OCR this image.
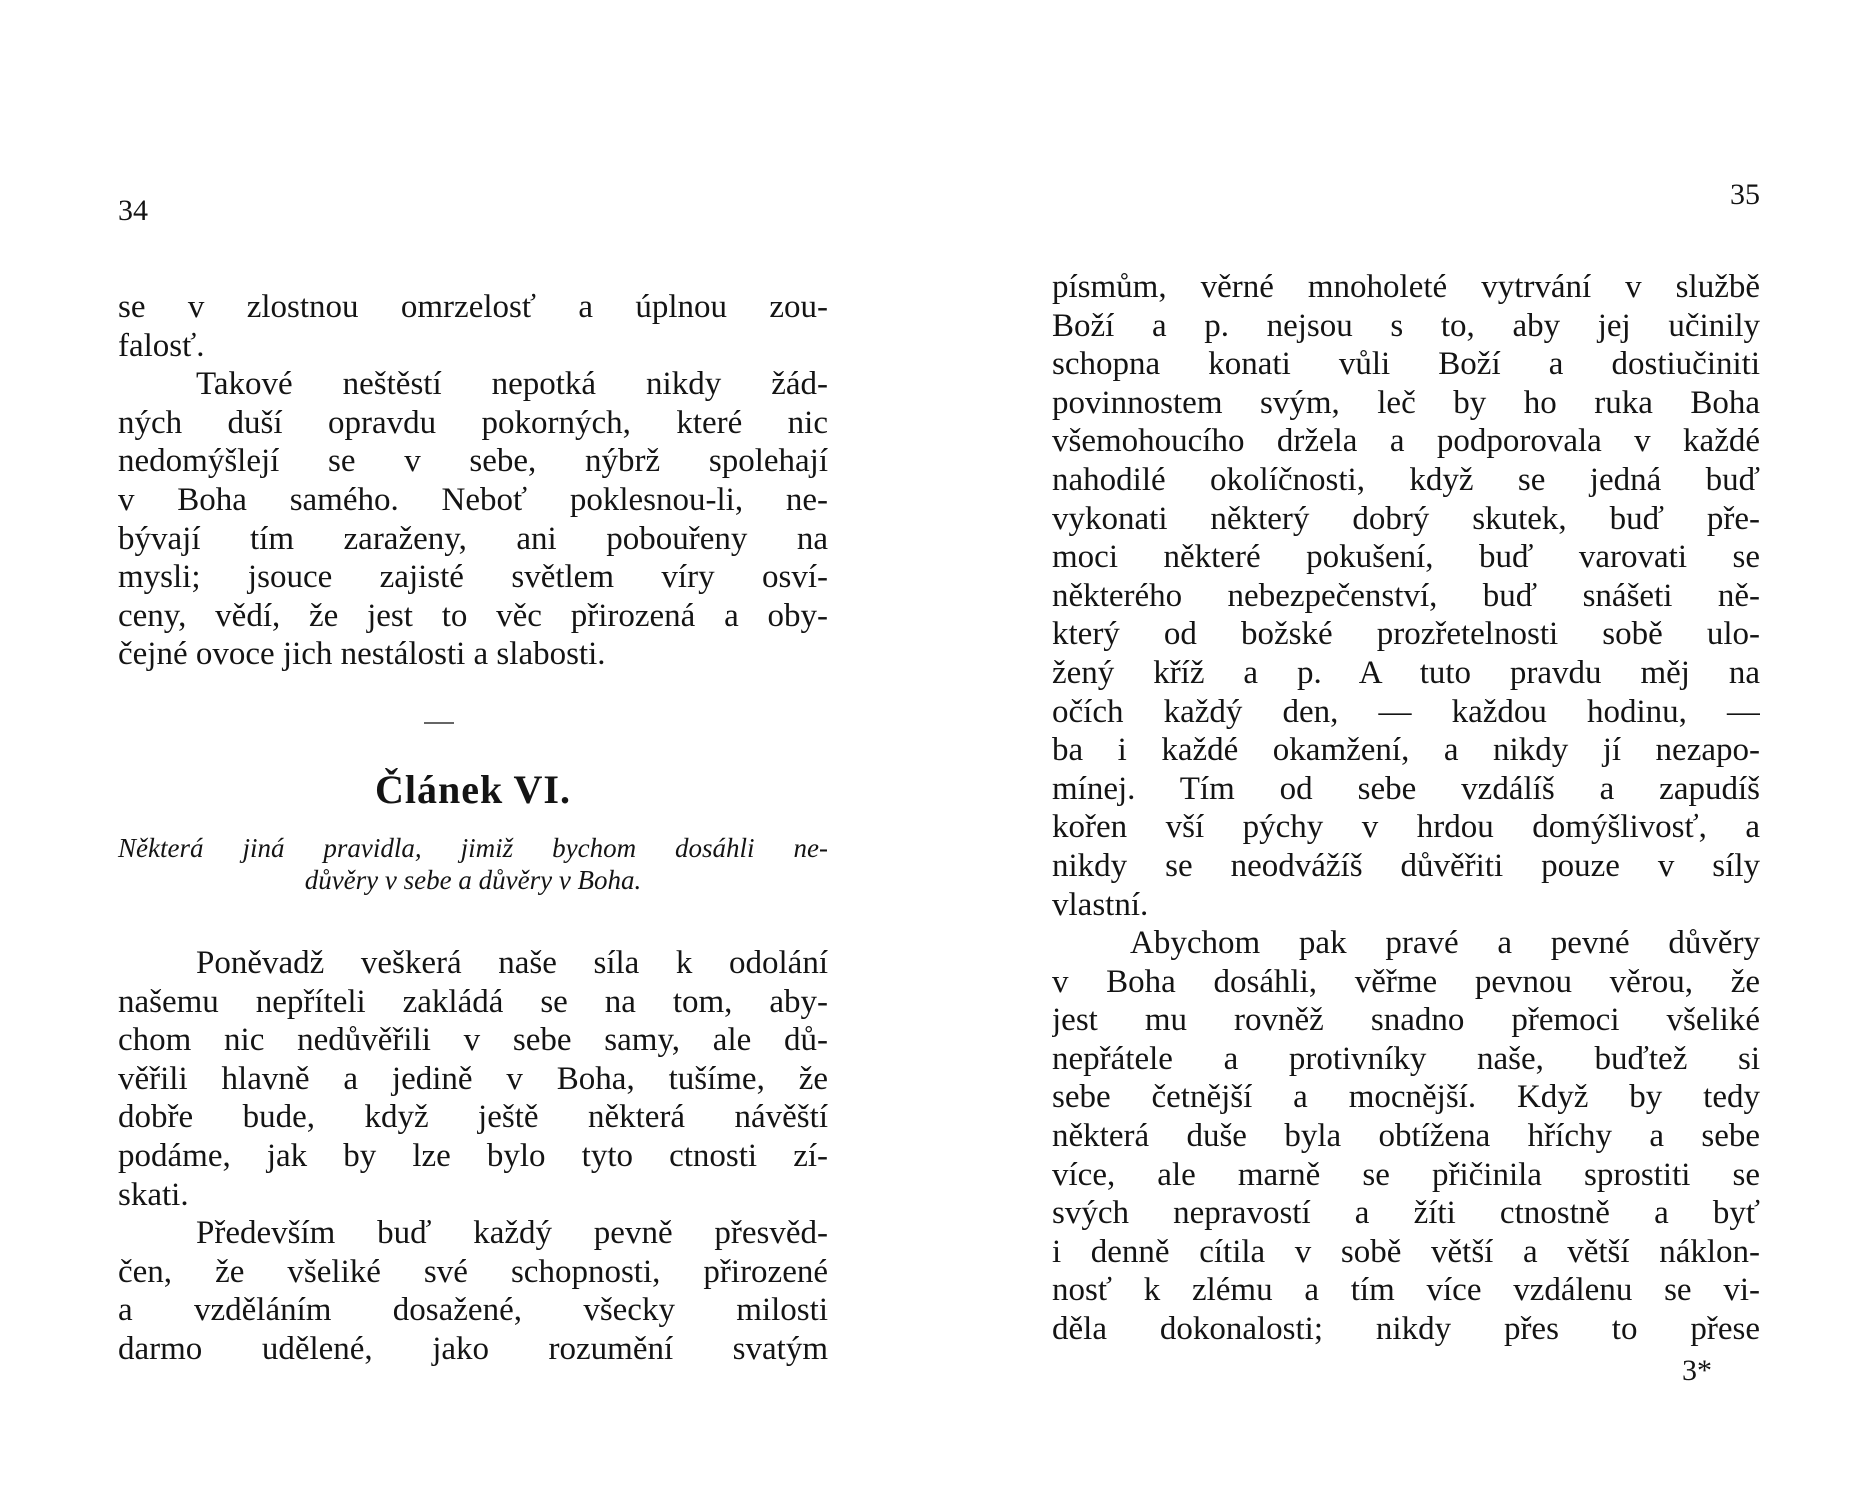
34
se v zlostnou omrzelosť a úplnou zou-
falosť.
Takové neštěstí nepotká nikdy žád-
ných duší opravdu pokorných, které nic
nedomýšlejí se v sebe, nýbrž spolehají
v Boha samého. Neboť poklesnou-li, ne-
bývají tím zaraženy, ani pobouřeny na
mysli; jsouce zajisté světlem víry osví-
ceny, vědí, že jest to věc přirozená a oby-
čejné ovoce jich nestálosti a slabosti.
Článek VI.
Některá jiná pravidla, jimiž bychom dosáhli ne-
důvěry v sebe a důvěry v Boha.
Poněvadž veškerá naše síla k odolání
našemu nepříteli zakládá se na tom, aby-
chom nic nedůvěřili v sebe samy, ale dů-
věřili hlavně a jedině v Boha, tušíme, že
dobře bude, když ještě některá návěští
podáme, jak by lze bylo tyto ctnosti zí-
skati.
Především buď každý pevně přesvěd-
čen, že všeliké své schopnosti, přirozené
a vzděláním dosažené, všecky milosti
darmo udělené, jako rozumění svatým
35
písmům, věrné mnoholeté vytrvání v službě
Boží a p. nejsou s to, aby jej učinily
schopna konati vůli Boží a dostiučiniti
povinnostem svým, leč by ho ruka Boha
všemohoucího držela a podporovala v každé
nahodilé okolíčnosti, když se jedná buď
vykonati některý dobrý skutek, buď pře-
moci některé pokušení, buď varovati se
některého nebezpečenství, buď snášeti ně-
který od božské prozřetelnosti sobě ulo-
žený kříž a p. A tuto pravdu měj na
očích každý den, — každou hodinu, —
ba i každé okamžení, a nikdy jí nezapo-
mínej. Tím od sebe vzdálíš a zapudíš
kořen vší pýchy v hrdou domýšlivosť, a
nikdy se neodvážíš důvěřiti pouze v síly
vlastní.
Abychom pak pravé a pevné důvěry
v Boha dosáhli, věřme pevnou věrou, že
jest mu rovněž snadno přemoci všeliké
nepřátele a protivníky naše, buďtež si
sebe četnější a mocnější. Když by tedy
některá duše byla obtížena hříchy a sebe
více, ale marně se přičinila sprostiti se
svých nepravostí a žíti ctnostně a byť
i denně cítila v sobě větší a větší náklon-
nosť k zlému a tím více vzdálenu se vi-
děla dokonalosti; nikdy přes to přese
3*
